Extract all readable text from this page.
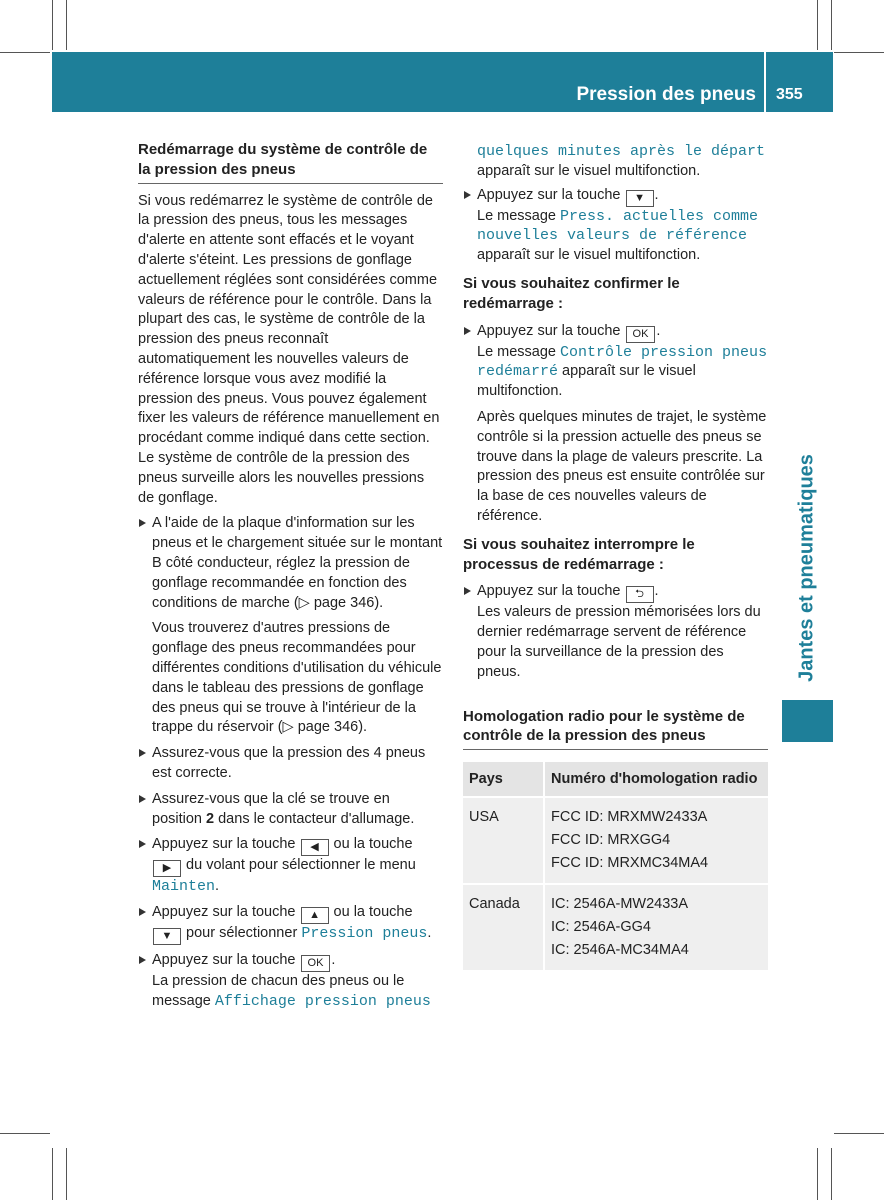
Pression des pneus 355
Jantes et pneumatiques
Redémarrage du système de contrôle de la pression des pneus

Si vous redémarrez le système de contrôle de la pression des pneus, tous les messages d'alerte en attente sont effacés et le voyant d'alerte s'éteint. Les pressions de gonflage actuellement réglées sont considérées comme valeurs de référence pour le contrôle. Dans la plupart des cas, le système de contrôle de la pression des pneus reconnaît automatiquement les nouvelles valeurs de référence lorsque vous avez modifié la pression des pneus. Vous pouvez également fixer les valeurs de référence manuellement en procédant comme indiqué dans cette section. Le système de contrôle de la pression des pneus surveille alors les nouvelles pressions de gonflage.

A l'aide de la plaque d'information sur les pneus et le chargement située sur le montant B côté conducteur, réglez la pression de gonflage recommandée en fonction des conditions de marche (▷ page 346).
Vous trouverez d'autres pressions de gonflage des pneus recommandées pour différentes conditions d'utilisation du véhicule dans le tableau des pressions de gonflage des pneus qui se trouve à l'intérieur de la trappe du réservoir (▷ page 346).
Assurez-vous que la pression des 4 pneus est correcte.
Assurez-vous que la clé se trouve en position 2 dans le contacteur d'allumage.
Appuyez sur la touche ◀ ou la touche ▶ du volant pour sélectionner le menu Mainten.
Appuyez sur la touche ▲ ou la touche ▼ pour sélectionner Pression pneus.
Appuyez sur la touche OK .
La pression de chacun des pneus ou le message Affichage pression pneus
quelques minutes après le départ
apparaît sur le visuel multifonction.
Appuyez sur la touche ▼ .
Le message Press. actuelles comme nouvelles valeurs de référence
apparaît sur le visuel multifonction.
Si vous souhaitez confirmer le redémarrage :
Appuyez sur la touche OK .
Le message Contrôle pression pneus redémarré apparaît sur le visuel multifonction.
Après quelques minutes de trajet, le système contrôle si la pression actuelle des pneus se trouve dans la plage de valeurs prescrite. La pression des pneus est ensuite contrôlée sur la base de ces nouvelles valeurs de référence.
Si vous souhaitez interrompre le processus de redémarrage :
Appuyez sur la touche ⮌ .
Les valeurs de pression mémorisées lors du dernier redémarrage servent de référence pour la surveillance de la pression des pneus.
Homologation radio pour le système de contrôle de la pression des pneus
Pays	Numéro d'homologation radio
USA	FCC ID: MRXMW2433A
FCC ID: MRXGG4
FCC ID: MRXMC34MA4

Canada	IC: 2546A-MW2433A
IC: 2546A-GG4
IC: 2546A-MC34MA4
